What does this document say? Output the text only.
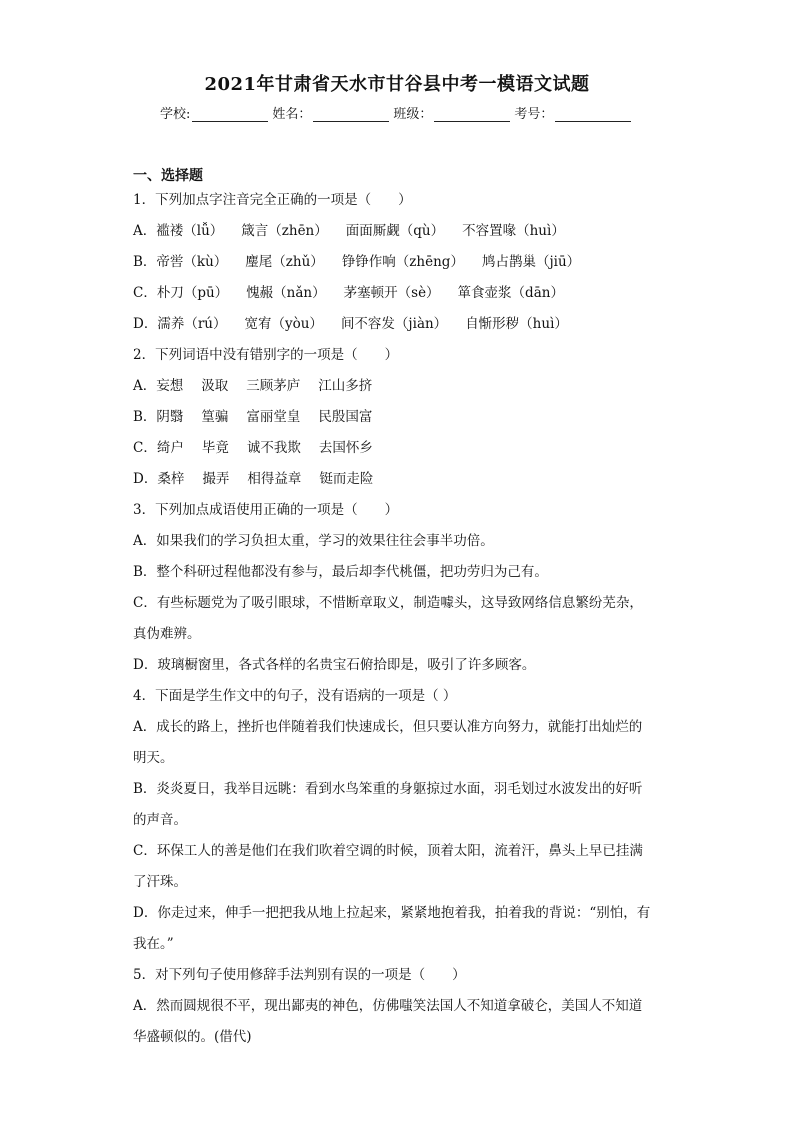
2021年甘肃省天水市甘谷县中考一模语文试题
学校:	姓名：	班级：	考号：
一、选择题
1．下列加点字注音完全正确的一项是（　　）
A．褴褛（lǚ） 箴言（zhēn） 面面厮觑（qù） 不容置喙（huì）
B．帝喾（kù） 麈尾（zhǔ） 铮铮作响（zhēng） 鸠占鹊巢（jiū）
C．朴刀（pū） 愧赧（nǎn） 茅塞顿开（sè） 箪食壶浆（dān）
D．濡养（rú） 宽宥（yòu） 间不容发（jiàn） 自惭形秽（huì）
2．下列词语中没有错别字的一项是（　　）
A．妄想 汲取 三顾茅庐 江山多挤
B．阴翳 篁骗 富丽堂皇 民殷国富
C．绮户 毕竟 诚不我欺 去国怀乡
D．桑梓 撮弄 相得益章 铤而走险
3．下列加点成语使用正确的一项是（　　）
A．如果我们的学习负担太重，学习的效果往往会事半功倍。
B．整个科研过程他都没有参与，最后却李代桃僵，把功劳归为己有。
C．有些标题党为了吸引眼球，不惜断章取义，制造噱头，这导致网络信息繁纷芜杂，
真伪难辨。
D．玻璃橱窗里，各式各样的名贵宝石俯拾即是，吸引了许多顾客。
4．下面是学生作文中的句子，没有语病的一项是（ ）
A．成长的路上，挫折也伴随着我们快速成长，但只要认准方向努力，就能打出灿烂的
明天。
B．炎炎夏日，我举目远眺：看到水鸟笨重的身躯掠过水面，羽毛划过水波发出的好听
的声音。
C．环保工人的善是他们在我们吹着空调的时候，顶着太阳，流着汗，鼻头上早已挂满
了汗珠。
D．你走过来，伸手一把把我从地上拉起来，紧紧地抱着我，拍着我的背说：“别怕，有
我在。”
5．对下列句子使用修辞手法判别有误的一项是（　　）
A．然而圆规很不平，现出鄙夷的神色，仿佛嗤笑法国人不知道拿破仑，美国人不知道
华盛顿似的。(借代)
